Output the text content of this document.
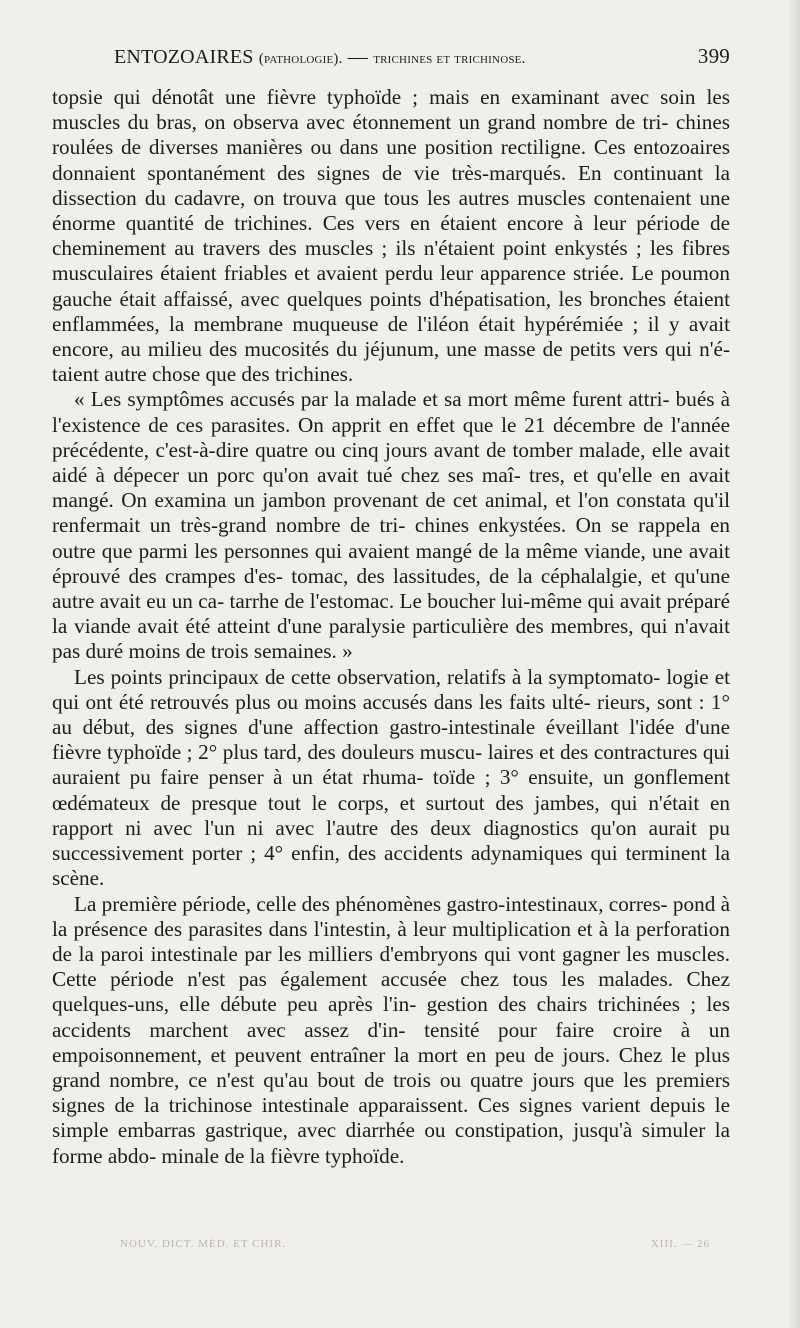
ENTOZOAIRES (pathologie). — trichines et trichinose.	399

topsie qui dénotât une fièvre typhoïde ; mais en examinant avec soin les muscles du bras, on observa avec étonnement un grand nombre de tri- chines roulées de diverses manières ou dans une position rectiligne. Ces entozoaires donnaient spontanément des signes de vie très-marqués. En continuant la dissection du cadavre, on trouva que tous les autres muscles contenaient une énorme quantité de trichines. Ces vers en étaient encore à leur période de cheminement au travers des muscles ; ils n'étaient point enkystés ; les fibres musculaires étaient friables et avaient perdu leur apparence striée. Le poumon gauche était affaissé, avec quelques points d'hépatisation, les bronches étaient enflammées, la membrane muqueuse de l'iléon était hypérémiée ; il y avait encore, au milieu des mucosités du jéjunum, une masse de petits vers qui n'é- taient autre chose que des trichines.

« Les symptômes accusés par la malade et sa mort même furent attri- bués à l'existence de ces parasites. On apprit en effet que le 21 décembre de l'année précédente, c'est-à-dire quatre ou cinq jours avant de tomber malade, elle avait aidé à dépecer un porc qu'on avait tué chez ses maî- tres, et qu'elle en avait mangé. On examina un jambon provenant de cet animal, et l'on constata qu'il renfermait un très-grand nombre de tri- chines enkystées. On se rappela en outre que parmi les personnes qui avaient mangé de la même viande, une avait éprouvé des crampes d'es- tomac, des lassitudes, de la céphalalgie, et qu'une autre avait eu un ca- tarrhe de l'estomac. Le boucher lui-même qui avait préparé la viande avait été atteint d'une paralysie particulière des membres, qui n'avait pas duré moins de trois semaines. »

Les points principaux de cette observation, relatifs à la symptomato- logie et qui ont été retrouvés plus ou moins accusés dans les faits ulté- rieurs, sont : 1° au début, des signes d'une affection gastro-intestinale éveillant l'idée d'une fièvre typhoïde ; 2° plus tard, des douleurs muscu- laires et des contractures qui auraient pu faire penser à un état rhuma- toïde ; 3° ensuite, un gonflement œdémateux de presque tout le corps, et surtout des jambes, qui n'était en rapport ni avec l'un ni avec l'autre des deux diagnostics qu'on aurait pu successivement porter ; 4° enfin, des accidents adynamiques qui terminent la scène.

La première période, celle des phénomènes gastro-intestinaux, corres- pond à la présence des parasites dans l'intestin, à leur multiplication et à la perforation de la paroi intestinale par les milliers d'embryons qui vont gagner les muscles. Cette période n'est pas également accusée chez tous les malades. Chez quelques-uns, elle débute peu après l'in- gestion des chairs trichinées ; les accidents marchent avec assez d'in- tensité pour faire croire à un empoisonnement, et peuvent entraîner la mort en peu de jours. Chez le plus grand nombre, ce n'est qu'au bout de trois ou quatre jours que les premiers signes de la trichinose intestinale apparaissent. Ces signes varient depuis le simple embarras gastrique, avec diarrhée ou constipation, jusqu'à simuler la forme abdo- minale de la fièvre typhoïde.

NOUV. DICT. MÉD. ET CHIR.	XIII. — 26
